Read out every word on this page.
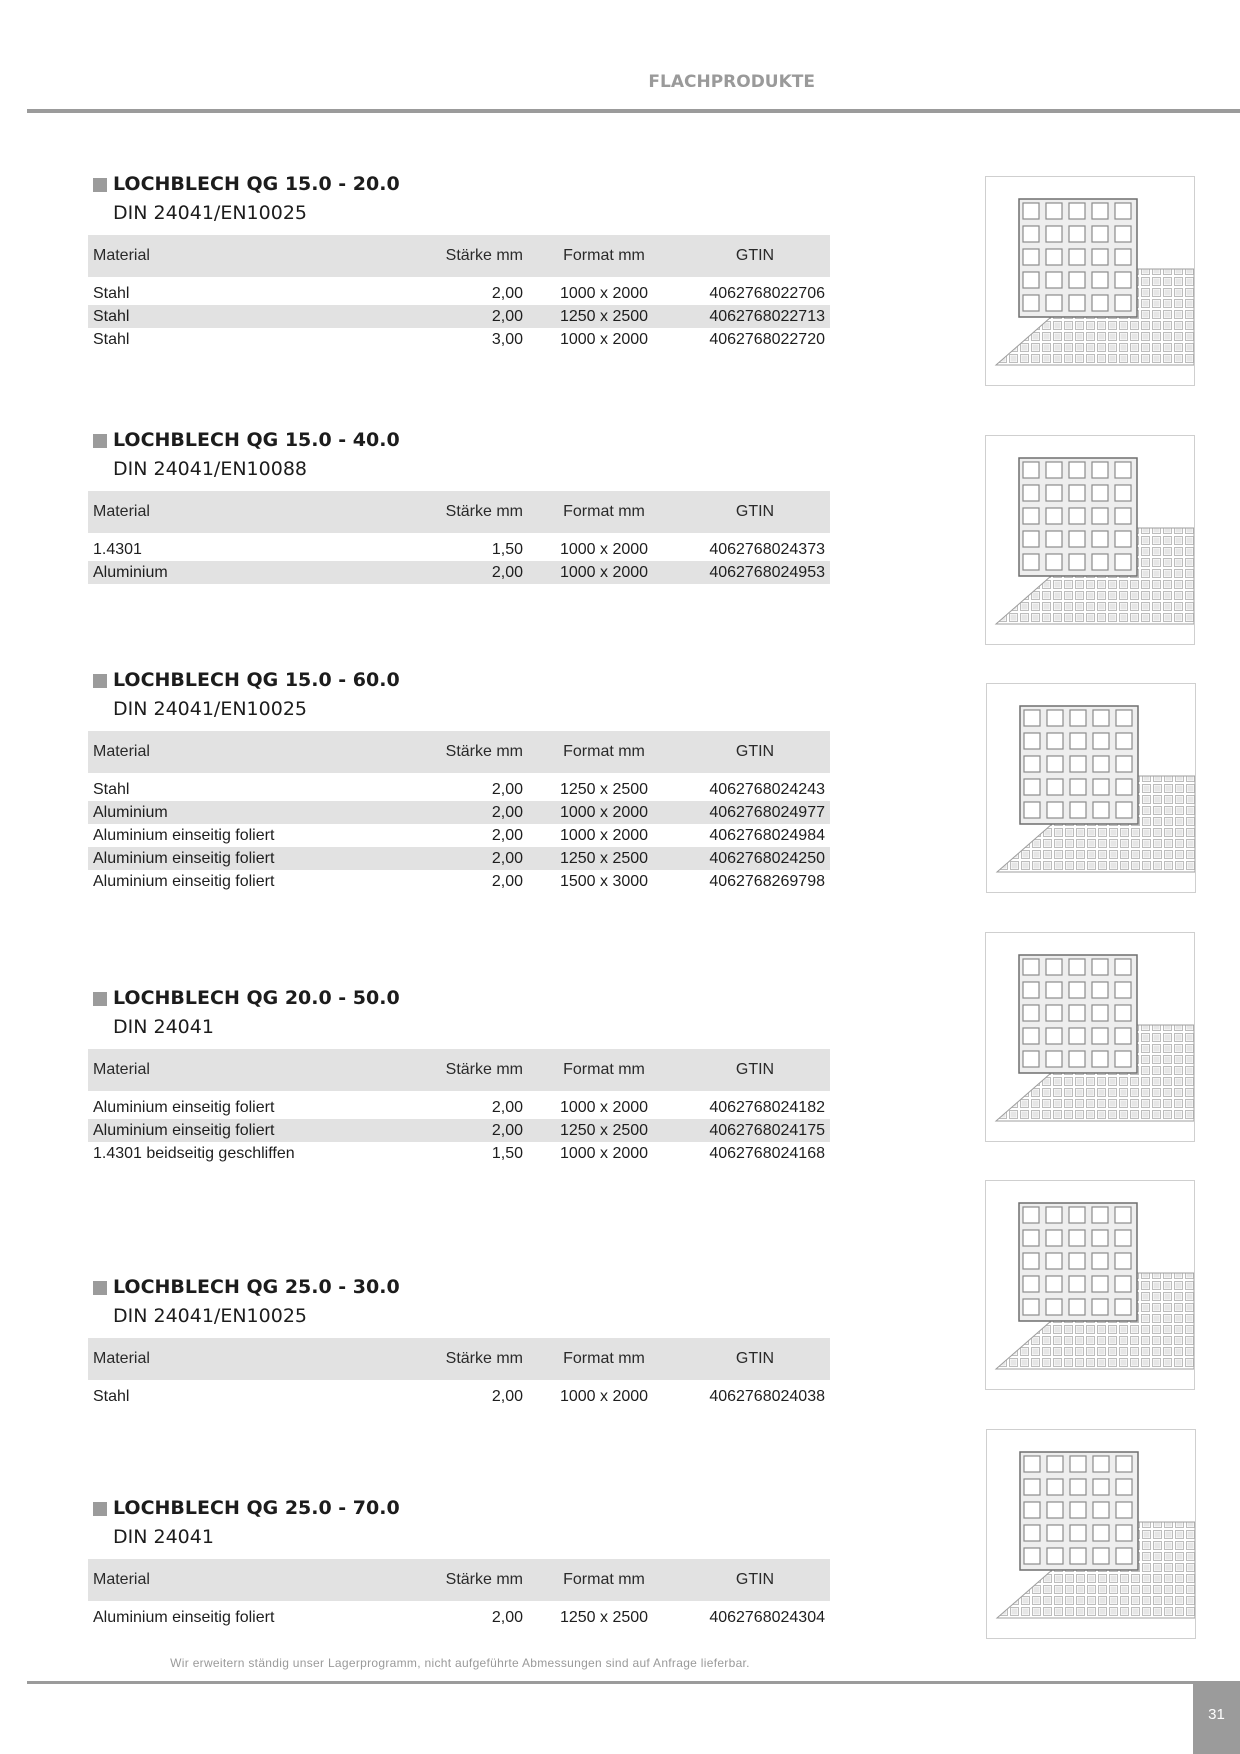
FLACHPRODUKTE
LOCHBLECH QG 15.0 - 20.0
DIN 24041/EN10025
Material	Stärke mm	Format mm	GTIN

Stahl	2,00	1000 x 2000	4062768022706
Stahl	2,00	1250 x 2500	4062768022713
Stahl	3,00	1000 x 2000	4062768022720
LOCHBLECH QG 15.0 - 40.0
DIN 24041/EN10088
Material	Stärke mm	Format mm	GTIN

1.4301	1,50	1000 x 2000	4062768024373
Aluminium	2,00	1000 x 2000	4062768024953
LOCHBLECH QG 15.0 - 60.0
DIN 24041/EN10025
Material	Stärke mm	Format mm	GTIN

Stahl	2,00	1250 x 2500	4062768024243
Aluminium	2,00	1000 x 2000	4062768024977
Aluminium einseitig foliert	2,00	1000 x 2000	4062768024984
Aluminium einseitig foliert	2,00	1250 x 2500	4062768024250
Aluminium einseitig foliert	2,00	1500 x 3000	4062768269798
LOCHBLECH QG 20.0 - 50.0
DIN 24041
Material	Stärke mm	Format mm	GTIN

Aluminium einseitig foliert	2,00	1000 x 2000	4062768024182
Aluminium einseitig foliert	2,00	1250 x 2500	4062768024175
1.4301 beidseitig geschliffen	1,50	1000 x 2000	4062768024168
LOCHBLECH QG 25.0 - 30.0
DIN 24041/EN10025
Material	Stärke mm	Format mm	GTIN

Stahl	2,00	1000 x 2000	4062768024038
LOCHBLECH QG 25.0 - 70.0
DIN 24041
Material	Stärke mm	Format mm	GTIN

Aluminium einseitig foliert	2,00	1250 x 2500	4062768024304
Wir erweitern ständig unser Lagerprogramm, nicht aufgeführte Abmessungen sind auf Anfrage lieferbar.
31
